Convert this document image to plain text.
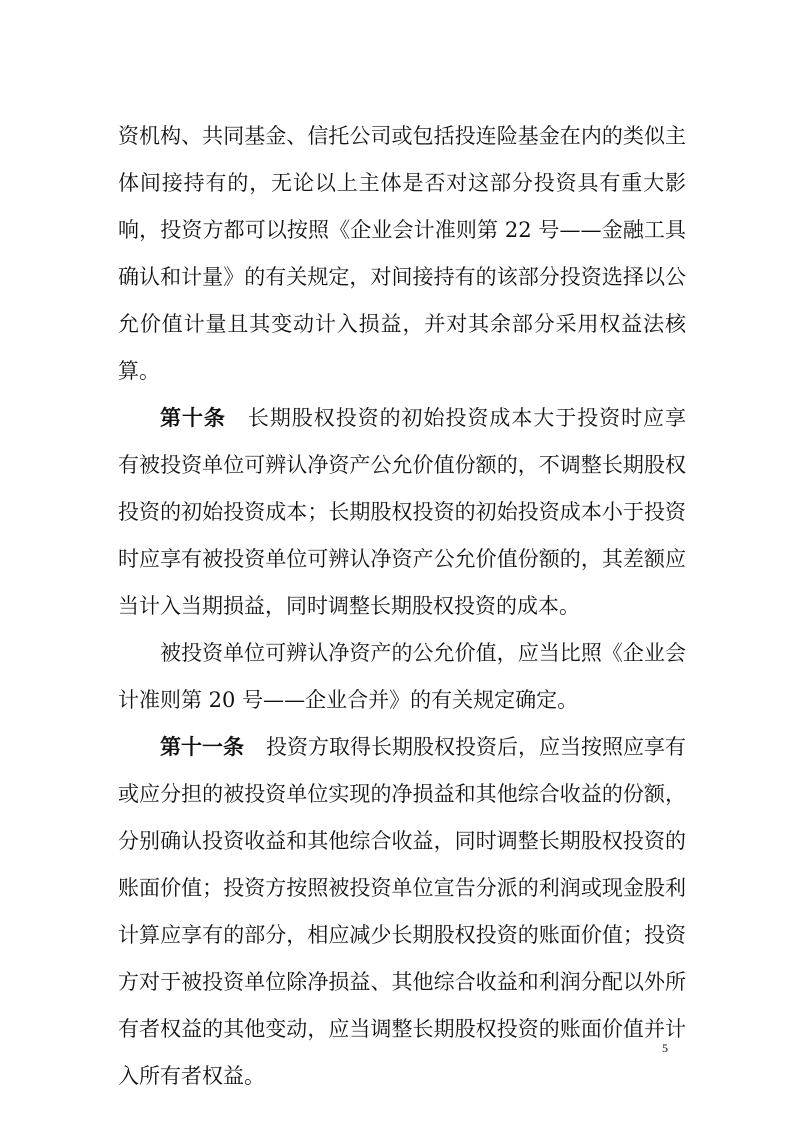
资机构、共同基金、信托公司或包括投连险基金在内的类似主
体间接持有的，无论以上主体是否对这部分投资具有重大影
响，投资方都可以按照《企业会计准则第 22 号——金融工具
确认和计量》的有关规定，对间接持有的该部分投资选择以公
允价值计量且其变动计入损益，并对其余部分采用权益法核
算。
第十条 长期股权投资的初始投资成本大于投资时应享
有被投资单位可辨认净资产公允价值份额的，不调整长期股权
投资的初始投资成本；长期股权投资的初始投资成本小于投资
时应享有被投资单位可辨认净资产公允价值份额的，其差额应
当计入当期损益，同时调整长期股权投资的成本。
被投资单位可辨认净资产的公允价值，应当比照《企业会
计准则第 20 号——企业合并》的有关规定确定。
第十一条 投资方取得长期股权投资后，应当按照应享有
或应分担的被投资单位实现的净损益和其他综合收益的份额，
分别确认投资收益和其他综合收益，同时调整长期股权投资的
账面价值；投资方按照被投资单位宣告分派的利润或现金股利
计算应享有的部分，相应减少长期股权投资的账面价值；投资
方对于被投资单位除净损益、其他综合收益和利润分配以外所
有者权益的其他变动，应当调整长期股权投资的账面价值并计
入所有者权益。
5
